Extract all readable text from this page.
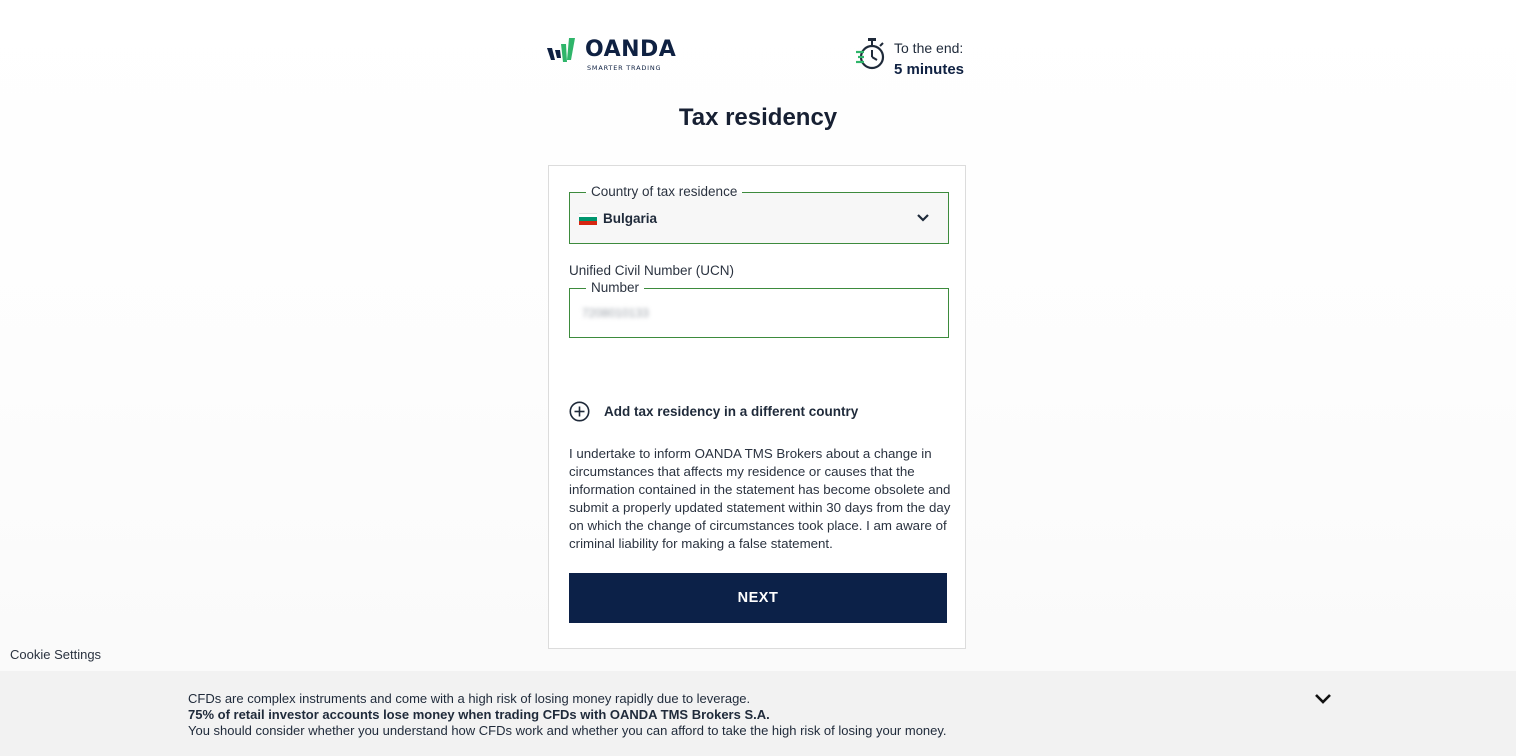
OANDA
SMARTER TRADING
To the end:
5 minutes
Tax residency
Country of tax residence
Bulgaria
Unified Civil Number (UCN)
Number
7208010133
Add tax residency in a different country

I undertake to inform OANDA TMS Brokers about a change in circumstances that affects my residence or causes that the information contained in the statement has become obsolete and submit a properly updated statement within 30 days from the day on which the change of circumstances took place. I am aware of criminal liability for making a false statement.

NEXT
Cookie Settings
CFDs are complex instruments and come with a high risk of losing money rapidly due to leverage.
75% of retail investor accounts lose money when trading CFDs with OANDA TMS Brokers S.A.
You should consider whether you understand how CFDs work and whether you can afford to take the high risk of losing your money.
